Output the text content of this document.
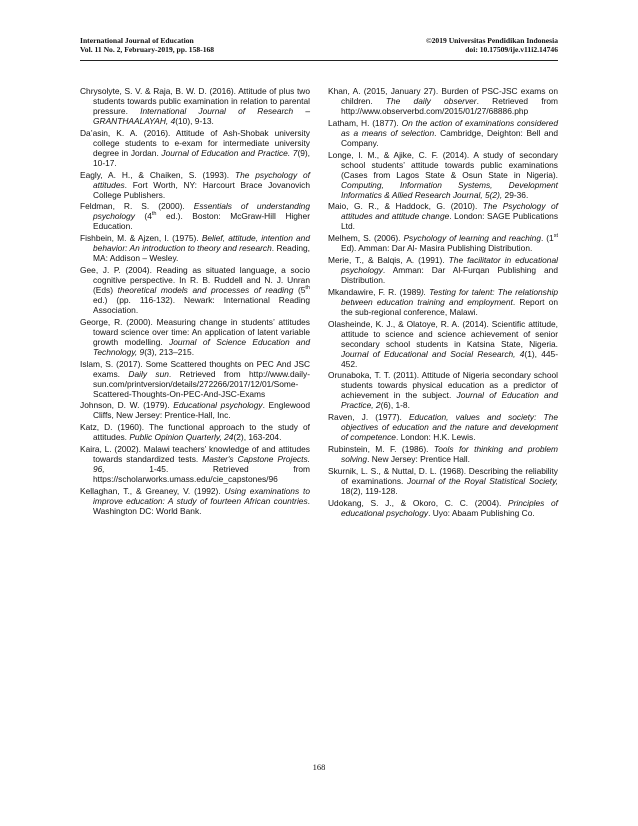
International Journal of Education	©2019 Universitas Pendidikan Indonesia
Vol. 11 No. 2, February-2019, pp. 158-168	doi: 10.17509/ije.v11i2.14746

Chrysolyte, S. V. & Raja, B. W. D. (2016). Attitude of plus two students towards public examination in relation to parental pressure. International Journal of Research –GRANTHAALAYAH, 4(10), 9-13.

Da’asin, K. A. (2016). Attitude of Ash-Shobak university college students to e-exam for intermediate university degree in Jordan. Journal of Education and Practice. 7(9), 10-17.

Eagly, A. H., & Chaiken, S. (1993). The psychology of attitudes. Fort Worth, NY: Harcourt Brace Jovanovich College Publishers.

Feldman, R. S. (2000). Essentials of understanding psychology (4th ed.). Boston: McGraw-Hill Higher Education.

Fishbein, M. & Ajzen, I. (1975). Belief, attitude, intention and behavior: An introduction to theory and research. Reading, MA: Addison – Wesley.

Gee, J. P. (2004). Reading as situated language, a socio cognitive perspective. In R. B. Ruddell and N. J. Unran (Eds) theoretical models and processes of reading (5th ed.) (pp. 116-132). Newark: International Reading Association.

George, R. (2000). Measuring change in students’ attitudes toward science over time: An application of latent variable growth modelling. Journal of Science Education and Technology, 9(3), 213–215.

Islam, S. (2017). Some Scattered thoughts on PEC And JSC exams. Daily sun. Retrieved from http://www.daily-sun.com/printversion/details/272266/2017/12/01/Some-Scattered-Thoughts-On-PEC-And-JSC-Exams

Johnson, D. W. (1979). Educational psychology. Englewood Cliffs, New Jersey: Prentice-Hall, Inc.

Katz, D. (1960). The functional approach to the study of attitudes. Public Opinion Quarterly, 24(2), 163-204.

Kaira, L. (2002). Malawi teachers’ knowledge of and attitudes towards standardized tests. Master's Capstone Projects. 96, 1-45. Retrieved from https://scholarworks.umass.edu/cie_capstones/96

Kellaghan, T., & Greaney, V. (1992). Using examinations to improve education: A study of fourteen African countries. Washington DC: World Bank.

Khan, A. (2015, January 27). Burden of PSC-JSC exams on children. The daily observer. Retrieved from http://www.observerbd.com/2015/01/27/68886.php

Latham, H. (1877). On the action of examinations considered as a means of selection. Cambridge, Deighton: Bell and Company.

Longe, I. M., & Ajike, C. F. (2014). A study of secondary school students’ attitude towards public examinations (Cases from Lagos State & Osun State in Nigeria). Computing, Information Systems, Development Informatics & Allied Research Journal, 5(2), 29-36.

Maio, G. R., & Haddock, G. (2010). The Psychology of attitudes and attitude change. London: SAGE Publications Ltd.

Melhem, S. (2006). Psychology of learning and reaching. (1st Ed). Amman: Dar Al- Masira Publishing Distribution.

Merie, T., & Balqis, A. (1991). The facilitator in educational psychology. Amman: Dar Al-Furqan Publishing and Distribution.

Mkandawire, F. R. (1989). Testing for talent: The relationship between education training and employment. Report on the sub-regional conference, Malawi.

Olasheinde, K. J., & Olatoye, R. A. (2014). Scientific attitude, attitude to science and science achievement of senior secondary school students in Katsina State, Nigeria. Journal of Educational and Social Research, 4(1), 445-452.

Orunaboka, T. T. (2011). Attitude of Nigeria secondary school students towards physical education as a predictor of achievement in the subject. Journal of Education and Practice, 2(6), 1-8.

Raven, J. (1977). Education, values and society: The objectives of education and the nature and development of competence. London: H.K. Lewis.

Rubinstein, M. F. (1986). Tools for thinking and problem solving. New Jersey: Prentice Hall.

Skurnik, L. S., & Nuttal, D. L. (1968). Describing the reliability of examinations. Journal of the Royal Statistical Society, 18(2), 119-128.

Udokang, S. J., & Okoro, C. C. (2004). Principles of educational psychology. Uyo: Abaam Publishing Co.

168
